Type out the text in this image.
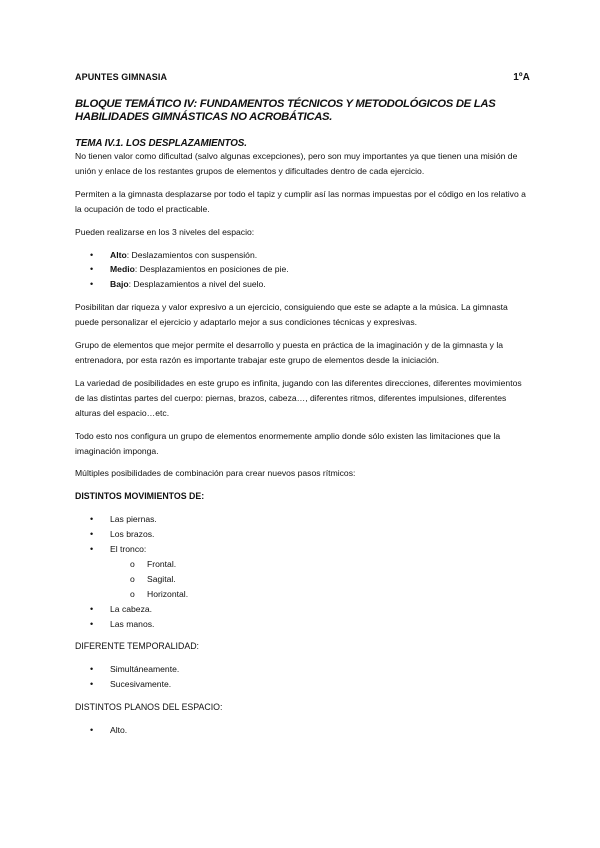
APUNTES GIMNASIA	1ºA
BLOQUE TEMÁTICO IV: FUNDAMENTOS TÉCNICOS Y METODOLÓGICOS DE LAS HABILIDADES GIMNÁSTICAS NO ACROBÁTICAS.
TEMA IV.1. LOS DESPLAZAMIENTOS.

No tienen valor como dificultad (salvo algunas excepciones), pero son muy importantes ya que tienen una misión de unión y enlace de los restantes grupos de elementos y dificultades dentro de cada ejercicio.

Permiten a la gimnasta desplazarse por todo el tapiz y cumplir así las normas impuestas por el código en los relativo a la ocupación de todo el practicable.

Pueden realizarse en los 3 niveles del espacio:

• Alto: Deslazamientos con suspensión.
• Medio: Desplazamientos en posiciones de pie.
• Bajo: Desplazamientos a nivel del suelo.

Posibilitan dar riqueza y valor expresivo a un ejercicio, consiguiendo que este se adapte a la música. La gimnasta puede personalizar el ejercicio y adaptarlo mejor a sus condiciones técnicas y expresivas.

Grupo de elementos que mejor permite el desarrollo y puesta en práctica de la imaginación y de la gimnasta y la entrenadora, por esta razón es importante trabajar este grupo de elementos desde la iniciación.

La variedad de posibilidades en este grupo es infinita, jugando con las diferentes direcciones, diferentes movimientos de las distintas partes del cuerpo: piernas, brazos, cabeza…, diferentes ritmos, diferentes impulsiones, diferentes alturas del espacio…etc.

Todo esto nos configura un grupo de elementos enormemente amplio donde sólo existen las limitaciones que la imaginación imponga.

Múltiples posibilidades de combinación para crear nuevos pasos rítmicos:

DISTINTOS MOVIMIENTOS DE:
• Las piernas.
• Los brazos.
• El tronco:
o Frontal.
o Sagital.
o Horizontal.
• La cabeza.
• Las manos.
DIFERENTE TEMPORALIDAD:
• Simultáneamente.
• Sucesivamente.
DISTINTOS PLANOS DEL ESPACIO:
• Alto.
